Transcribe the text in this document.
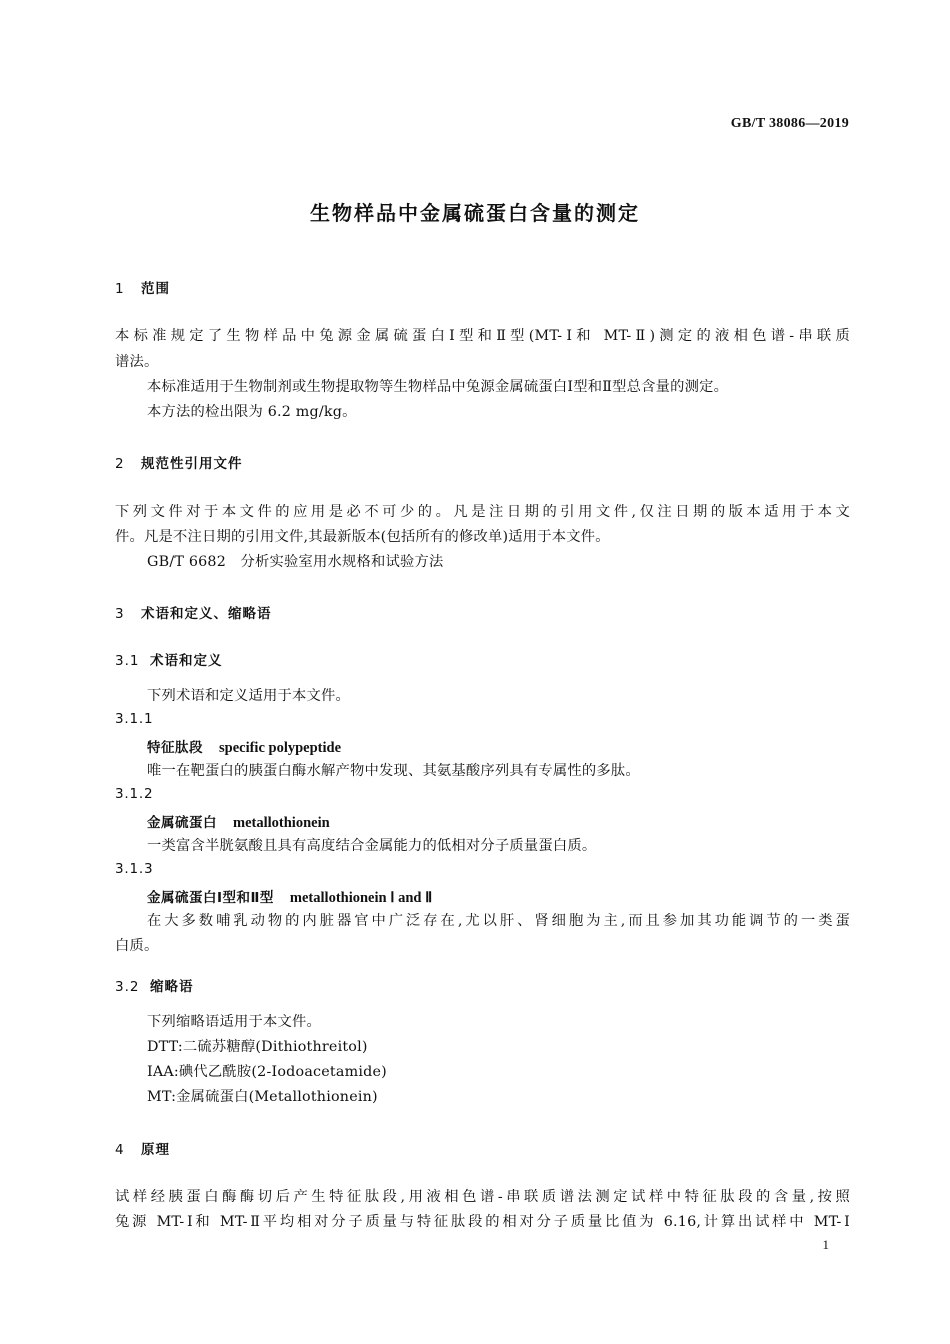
GB/T 38086—2019
生物样品中金属硫蛋白含量的测定
1 范围

本标准规定了生物样品中兔源金属硫蛋白Ⅰ型和Ⅱ型(MT-Ⅰ和 MT-Ⅱ)测定的液相色谱-串联质

谱法。

本标准适用于生物制剂或生物提取物等生物样品中兔源金属硫蛋白Ⅰ型和Ⅱ型总含量的测定。

本方法的检出限为 6.2 mg/kg。

2 规范性引用文件

下列文件对于本文件的应用是必不可少的。凡是注日期的引用文件,仅注日期的版本适用于本文

件。凡是不注日期的引用文件,其最新版本(包括所有的修改单)适用于本文件。

GB/T 6682　分析实验室用水规格和试验方法

3 术语和定义、缩略语
3.1 术语和定义

下列术语和定义适用于本文件。

3.1.1
特征肽段 specific polypeptide

唯一在靶蛋白的胰蛋白酶水解产物中发现、其氨基酸序列具有专属性的多肽。

3.1.2
金属硫蛋白 metallothionein

一类富含半胱氨酸且具有高度结合金属能力的低相对分子质量蛋白质。

3.1.3
金属硫蛋白Ⅰ型和Ⅱ型 metallothionein Ⅰ and Ⅱ

在大多数哺乳动物的内脏器官中广泛存在,尤以肝、肾细胞为主,而且参加其功能调节的一类蛋

白质。

3.2 缩略语

下列缩略语适用于本文件。

DTT:二硫苏糖醇(Dithiothreitol)

IAA:碘代乙酰胺(2-Iodoacetamide)

MT:金属硫蛋白(Metallothionein)

4 原理

试样经胰蛋白酶酶切后产生特征肽段,用液相色谱-串联质谱法测定试样中特征肽段的含量,按照

兔源 MT-Ⅰ和 MT-Ⅱ平均相对分子质量与特征肽段的相对分子质量比值为 6.16,计算出试样中 MT-Ⅰ

1
